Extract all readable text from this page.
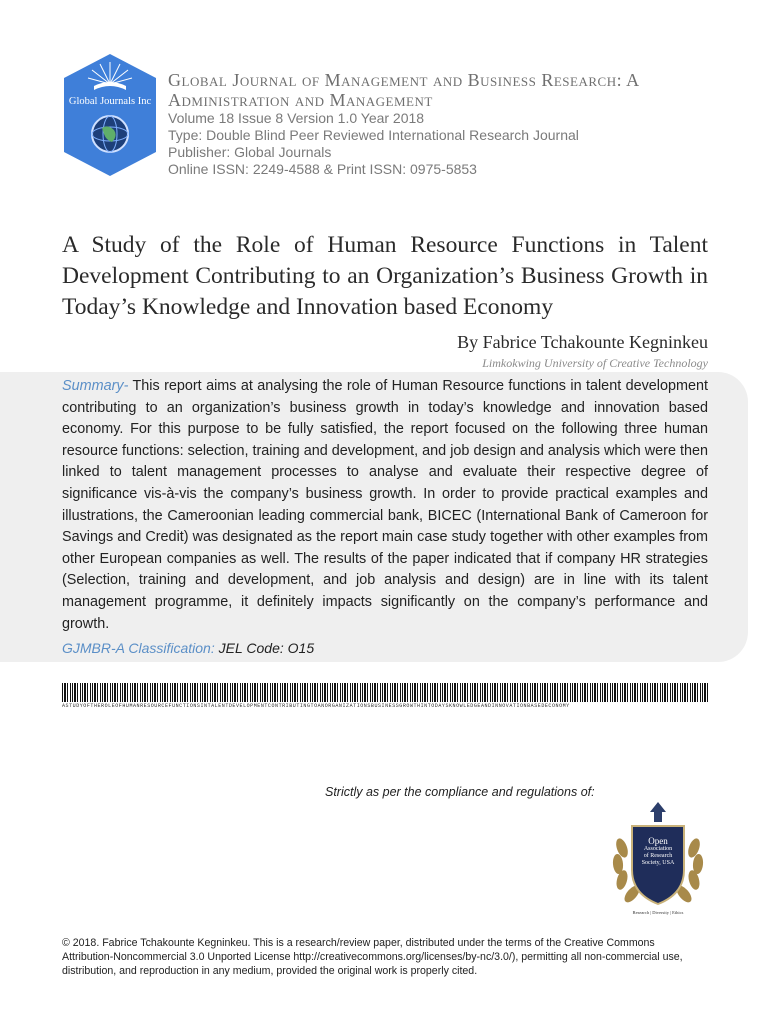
Global Journals Inc
Global Journal of Management and Business Research: A
Administration and Management
Volume 18 Issue 8 Version 1.0 Year 2018
Type: Double Blind Peer Reviewed International Research Journal
Publisher: Global Journals
Online ISSN: 2249-4588 & Print ISSN: 0975-5853
A Study of the Role of Human Resource Functions in Talent Development Contributing to an Organization’s Business Growth in Today’s Knowledge and Innovation based Economy
By Fabrice Tchakounte Kegninkeu
Limkokwing University of Creative Technology

Summary- This report aims at analysing the role of Human Resource functions in talent development contributing to an organization’s business growth in today’s knowledge and innovation based economy. For this purpose to be fully satisfied, the report focused on the following three human resource functions: selection, training and development, and job design and analysis which were then linked to talent management processes to analyse and evaluate their respective degree of significance vis-à-vis the company’s business growth. In order to provide practical examples and illustrations, the Cameroonian leading commercial bank, BICEC (International Bank of Cameroon for Savings and Credit) was designated as the report main case study together with other examples from other European companies as well. The results of the paper indicated that if company HR strategies (Selection, training and development, and job analysis and design) are in line with its talent management programme, it definitely impacts significantly on the company’s performance and growth.

GJMBR-A Classification: JEL Code: O15
ASTUDYOFTHEROLEOFHUMANRESOURCEFUNCTIONSINTALENTDEVELOPMENTCONTRIBUTINGTOANORGANIZATIONSBUSINESSGROWTHINTODAYSKNOWLEDGEANDINNOVATIONBASEDECONOMY
Strictly as per the compliance and regulations of:
Open
Association
of Research
Society, USA
Research | Diversity | Ethics

© 2018. Fabrice Tchakounte Kegninkeu. This is a research/review paper, distributed under the terms of the Creative Commons Attribution-Noncommercial 3.0 Unported License http://creativecommons.org/licenses/by-nc/3.0/), permitting all non-commercial use, distribution, and reproduction in any medium, provided the original work is properly cited.
